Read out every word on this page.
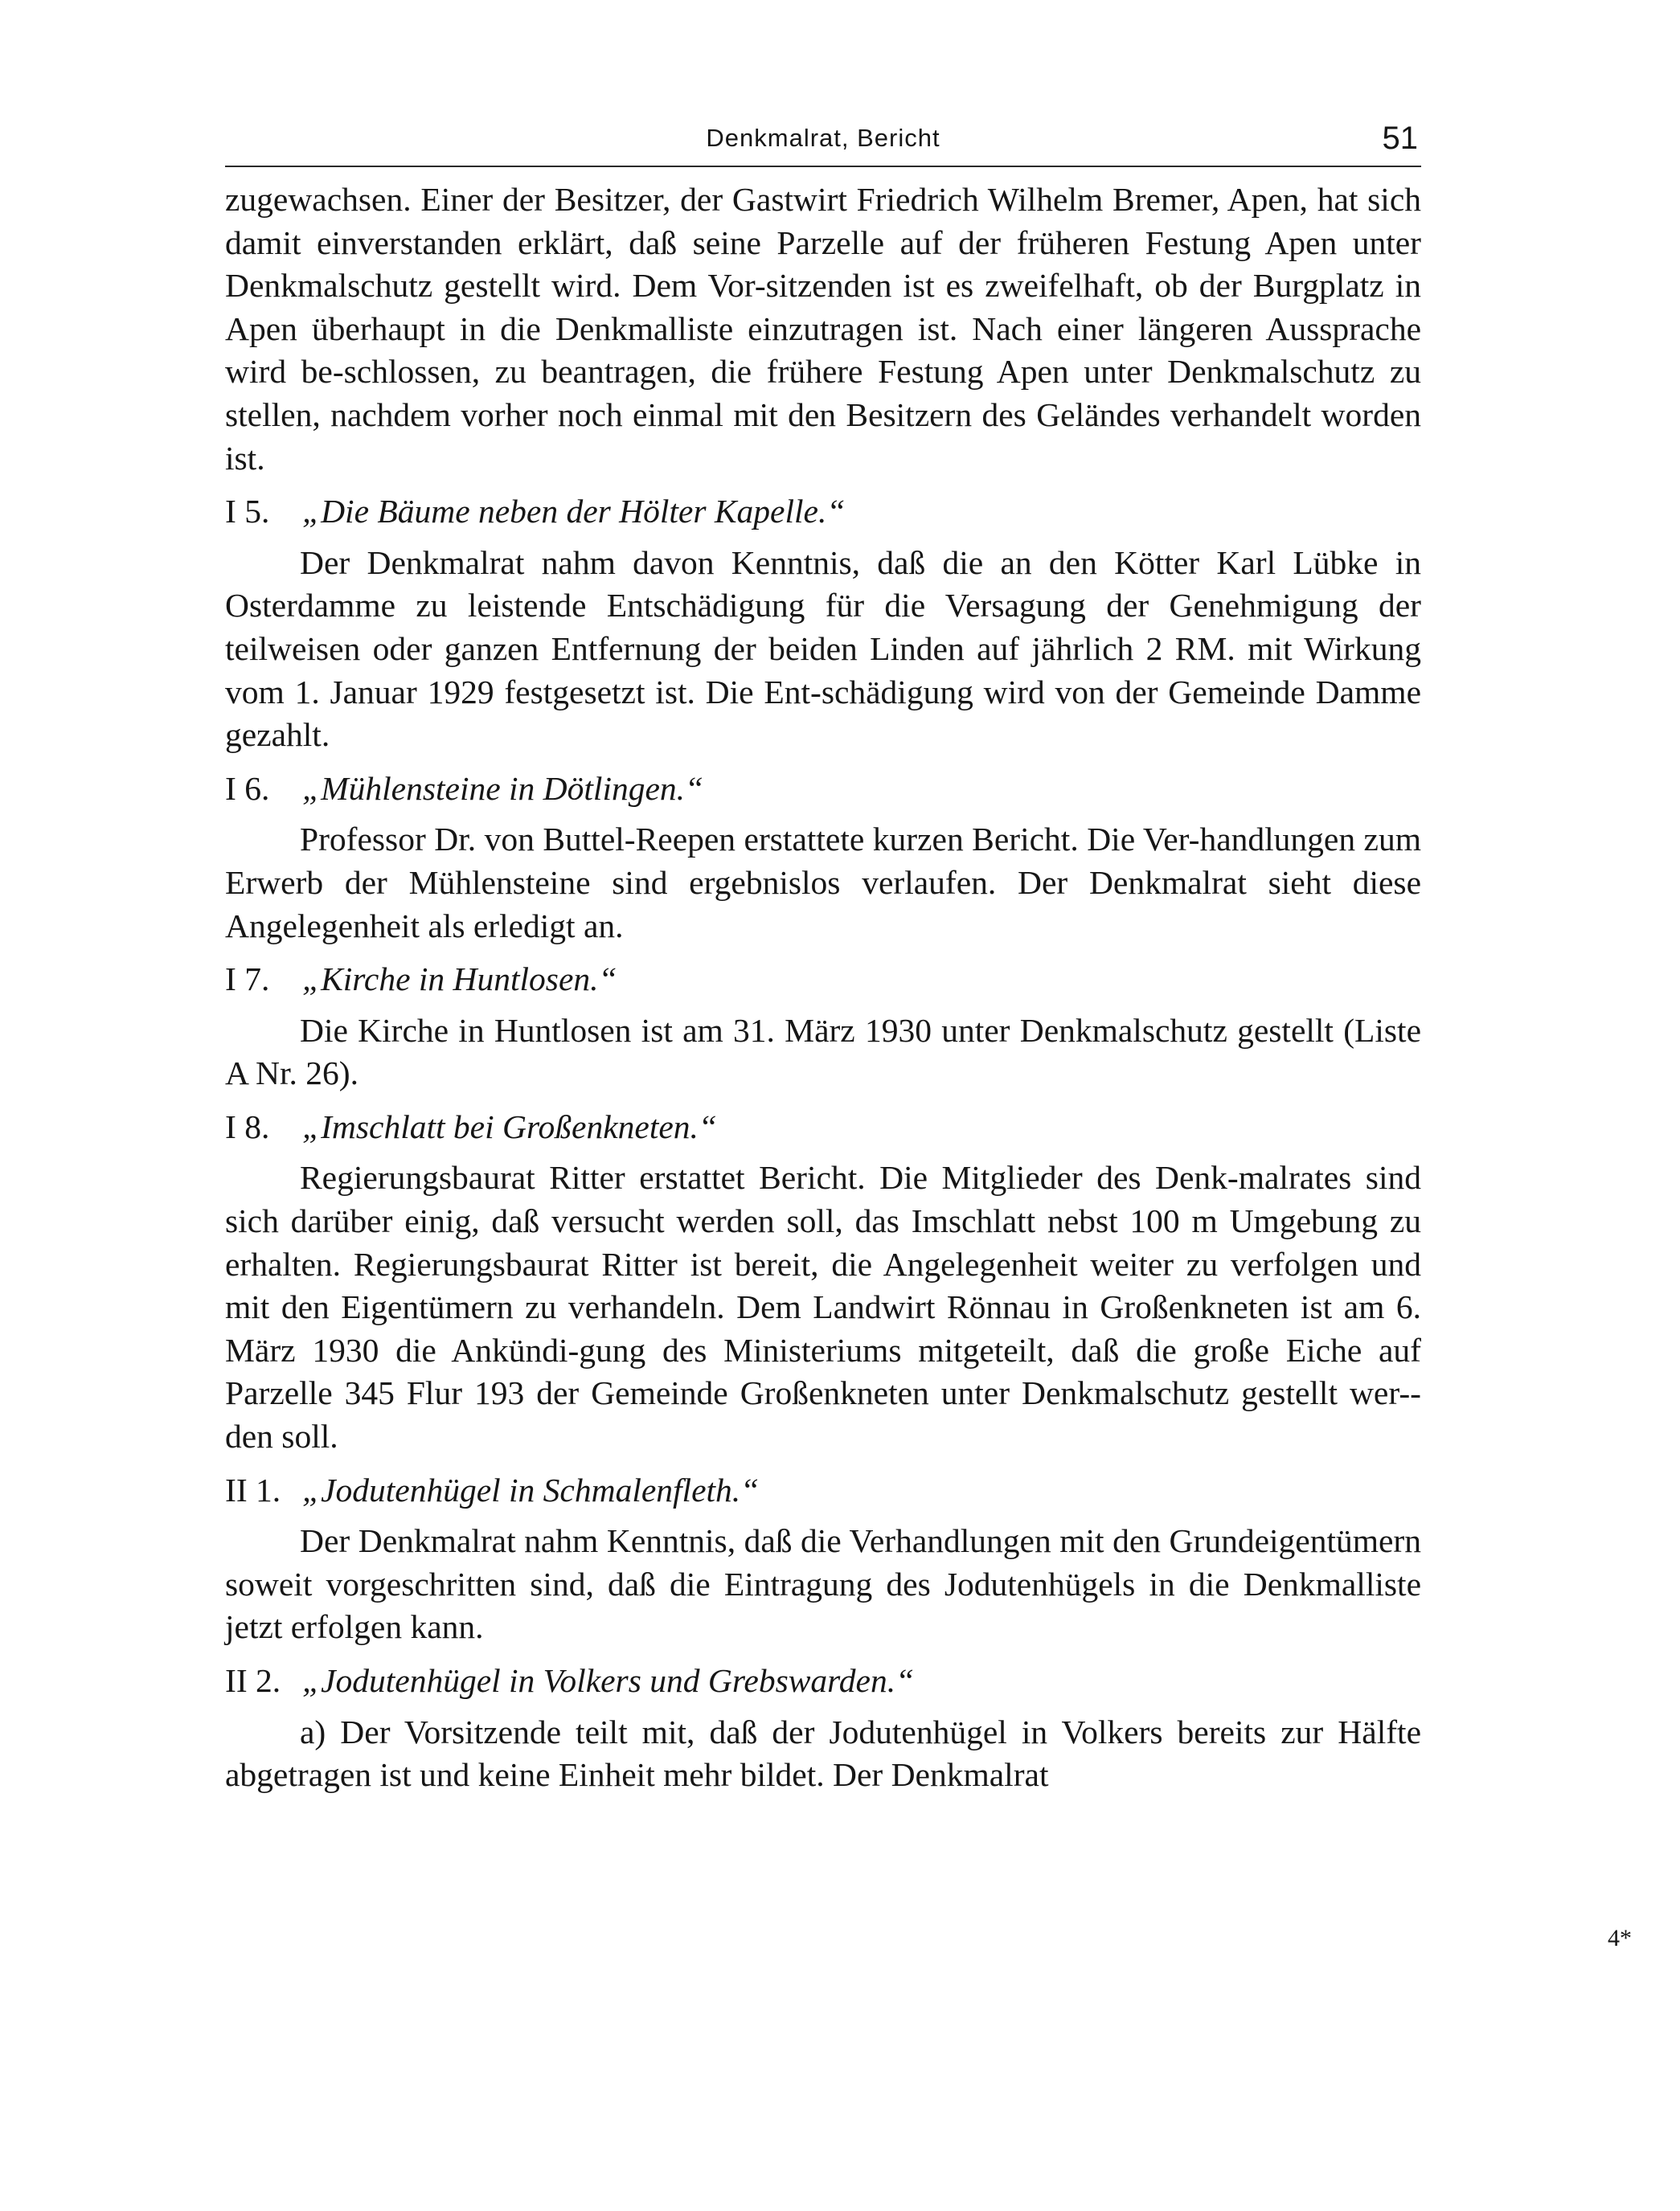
Denkmalrat, Bericht	51

zugewachsen. Einer der Besitzer, der Gastwirt Friedrich Wilhelm Bremer, Apen, hat sich damit einverstanden erklärt, daß seine Parzelle auf der früheren Festung Apen unter Denkmalschutz gestellt wird. Dem Vor-sitzenden ist es zweifelhaft, ob der Burgplatz in Apen überhaupt in die Denkmalliste einzutragen ist. Nach einer längeren Aussprache wird be-schlossen, zu beantragen, die frühere Festung Apen unter Denkmalschutz zu stellen, nachdem vorher noch einmal mit den Besitzern des Geländes verhandelt worden ist.

I 5. „Die Bäume neben der Hölter Kapelle.“

Der Denkmalrat nahm davon Kenntnis, daß die an den Kötter Karl Lübke in Osterdamme zu leistende Entschädigung für die Versagung der Genehmigung der teilweisen oder ganzen Entfernung der beiden Linden auf jährlich 2 RM. mit Wirkung vom 1. Januar 1929 festgesetzt ist. Die Ent-schädigung wird von der Gemeinde Damme gezahlt.

I 6. „Mühlensteine in Dötlingen.“

Professor Dr. von Buttel-Reepen erstattete kurzen Bericht. Die Ver-handlungen zum Erwerb der Mühlensteine sind ergebnislos verlaufen. Der Denkmalrat sieht diese Angelegenheit als erledigt an.

I 7. „Kirche in Huntlosen.“

Die Kirche in Huntlosen ist am 31. März 1930 unter Denkmalschutz gestellt (Liste A Nr. 26).

I 8. „Imschlatt bei Großenkneten.“

Regierungsbaurat Ritter erstattet Bericht. Die Mitglieder des Denk-malrates sind sich darüber einig, daß versucht werden soll, das Imschlatt nebst 100 m Umgebung zu erhalten. Regierungsbaurat Ritter ist bereit, die Angelegenheit weiter zu verfolgen und mit den Eigentümern zu verhandeln. Dem Landwirt Rönnau in Großenkneten ist am 6. März 1930 die Ankündi-gung des Ministeriums mitgeteilt, daß die große Eiche auf Parzelle 345 Flur 193 der Gemeinde Großenkneten unter Denkmalschutz gestellt wer-den soll.

II 1. „Jodutenhügel in Schmalenfleth.“

Der Denkmalrat nahm Kenntnis, daß die Verhandlungen mit den Grundeigentümern soweit vorgeschritten sind, daß die Eintragung des Jodutenhügels in die Denkmalliste jetzt erfolgen kann.

II 2. „Jodutenhügel in Volkers und Grebswarden.“

a) Der Vorsitzende teilt mit, daß der Jodutenhügel in Volkers bereits zur Hälfte abgetragen ist und keine Einheit mehr bildet. Der Denkmalrat

4*
